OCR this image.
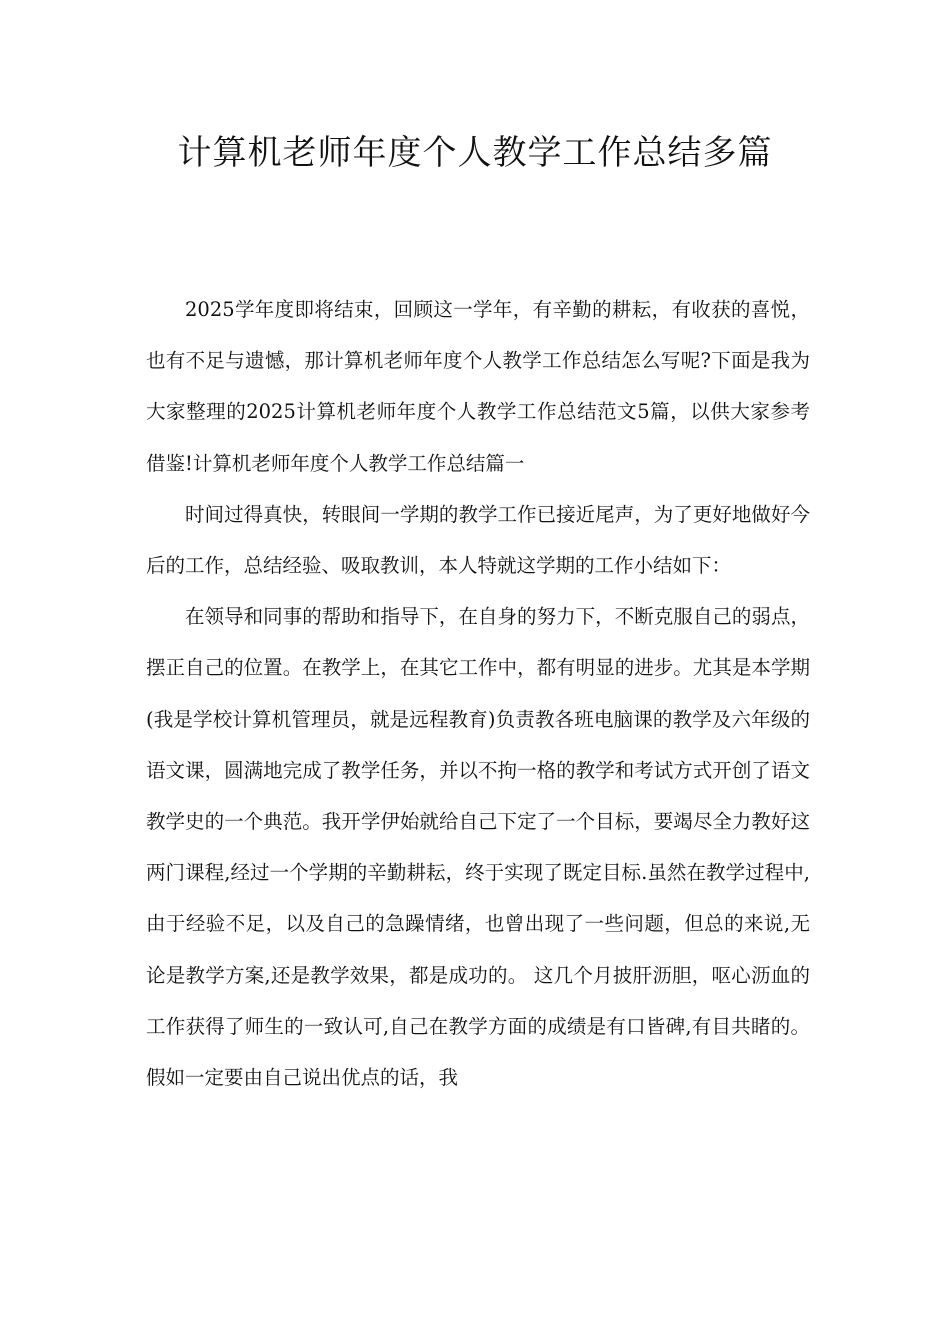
计算机老师年度个人教学工作总结多篇

2025学年度即将结束，回顾这一学年，有辛勤的耕耘，有收获的喜悦，也有不足与遗憾，那计算机老师年度个人教学工作总结怎么写呢?下面是我为大家整理的2025计算机老师年度个人教学工作总结范文5篇，以供大家参考借鉴!计算机老师年度个人教学工作总结篇一

时间过得真快，转眼间一学期的教学工作已接近尾声，为了更好地做好今后的工作，总结经验、吸取教训，本人特就这学期的工作小结如下：

在领导和同事的帮助和指导下，在自身的努力下，不断克服自己的弱点，摆正自己的位置。在教学上，在其它工作中，都有明显的进步。尤其是本学期(我是学校计算机管理员，就是远程教育)负责教各班电脑课的教学及六年级的语文课，圆满地完成了教学任务，并以不拘一格的教学和考试方式开创了语文教学史的一个典范。我开学伊始就给自己下定了一个目标，要竭尽全力教好这两门课程,经过一个学期的辛勤耕耘，终于实现了既定目标.虽然在教学过程中,由于经验不足，以及自己的急躁情绪，也曾出现了一些问题，但总的来说,无论是教学方案,还是教学效果，都是成功的。 这几个月披肝沥胆，呕心沥血的工作获得了师生的一致认可,自己在教学方面的成绩是有口皆碑,有目共睹的。假如一定要由自己说出优点的话，我
